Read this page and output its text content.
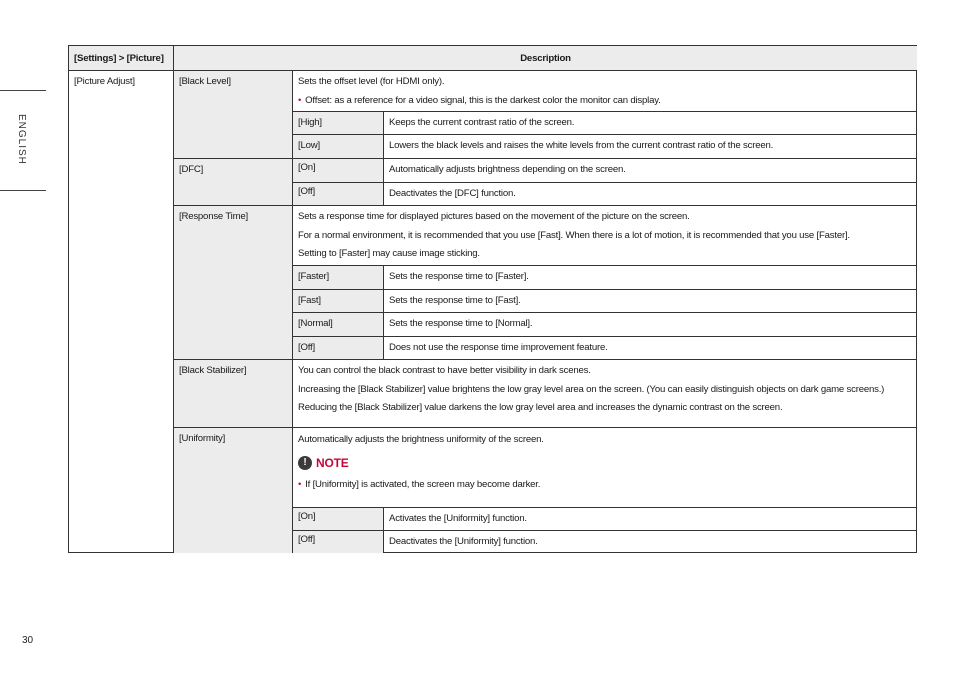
ENGLISH
[Settings] > [Picture]	Description
[Picture Adjust]	[Black Level]	Sets the offset level (for HDMI only).
• Offset: as a reference for a video signal, this is the darkest color the monitor can display.
[High]	Keeps the current contrast ratio of the screen.
[Low]	Lowers the black levels and raises the white levels from the current contrast ratio of the screen.
[DFC]	[On]	Automatically adjusts brightness depending on the screen.
[Off]	Deactivates the [DFC] function.
[Response Time]	Sets a response time for displayed pictures based on the movement of the picture on the screen.
For a normal environment, it is recommended that you use [Fast]. When there is a lot of motion, it is recommended that you use [Faster].
Setting to [Faster] may cause image sticking.
[Faster]	Sets the response time to [Faster].
[Fast]	Sets the response time to [Fast].
[Normal]	Sets the response time to [Normal].
[Off]	Does not use the response time improvement feature.
[Black Stabilizer]	You can control the black contrast to have better visibility in dark scenes.
Increasing the [Black Stabilizer] value brightens the low gray level area on the screen. (You can easily distinguish objects on dark game screens.)
Reducing the [Black Stabilizer] value darkens the low gray level area and increases the dynamic contrast on the screen.
[Uniformity]	Automatically adjusts the brightness uniformity of the screen.
! NOTE
• If [Uniformity] is activated, the screen may become darker.
[On]	Activates the [Uniformity] function.
[Off]	Deactivates the [Uniformity] function.
30
